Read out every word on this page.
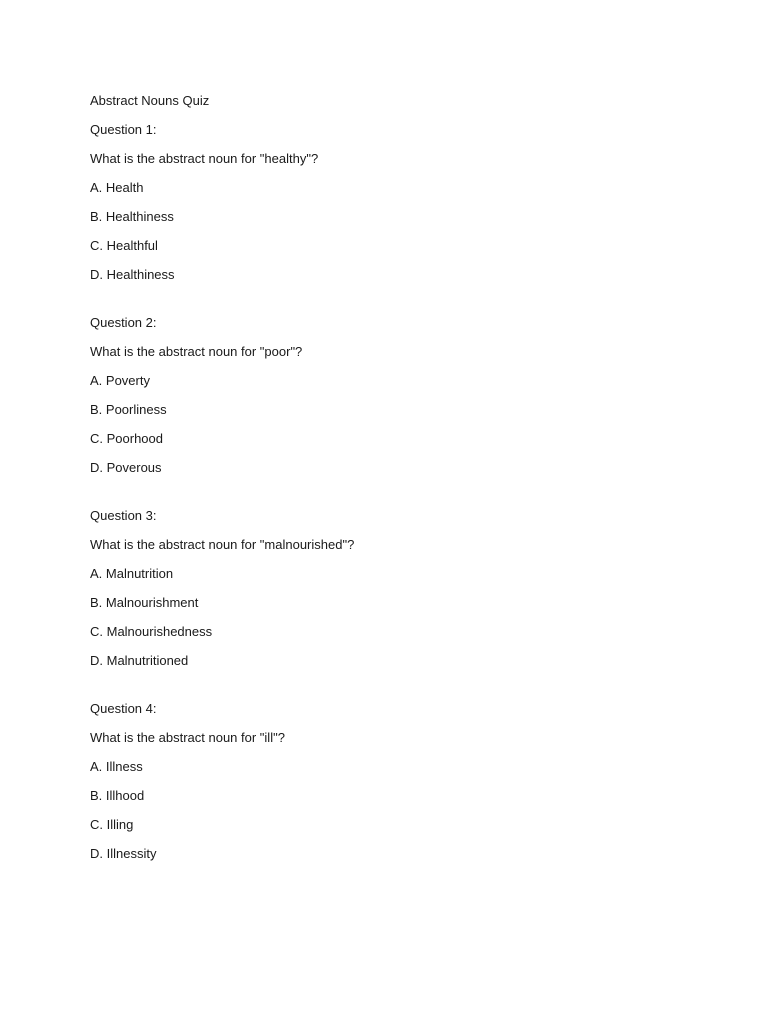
Abstract Nouns Quiz
Question 1:
What is the abstract noun for "healthy"?
A. Health
B. Healthiness
C. Healthful
D. Healthiness
Question 2:
What is the abstract noun for "poor"?
A. Poverty
B. Poorliness
C. Poorhood
D. Poverous
Question 3:
What is the abstract noun for "malnourished"?
A. Malnutrition
B. Malnourishment
C. Malnourishedness
D. Malnutritioned
Question 4:
What is the abstract noun for "ill"?
A. Illness
B. Illhood
C. Illing
D. Illnessity
